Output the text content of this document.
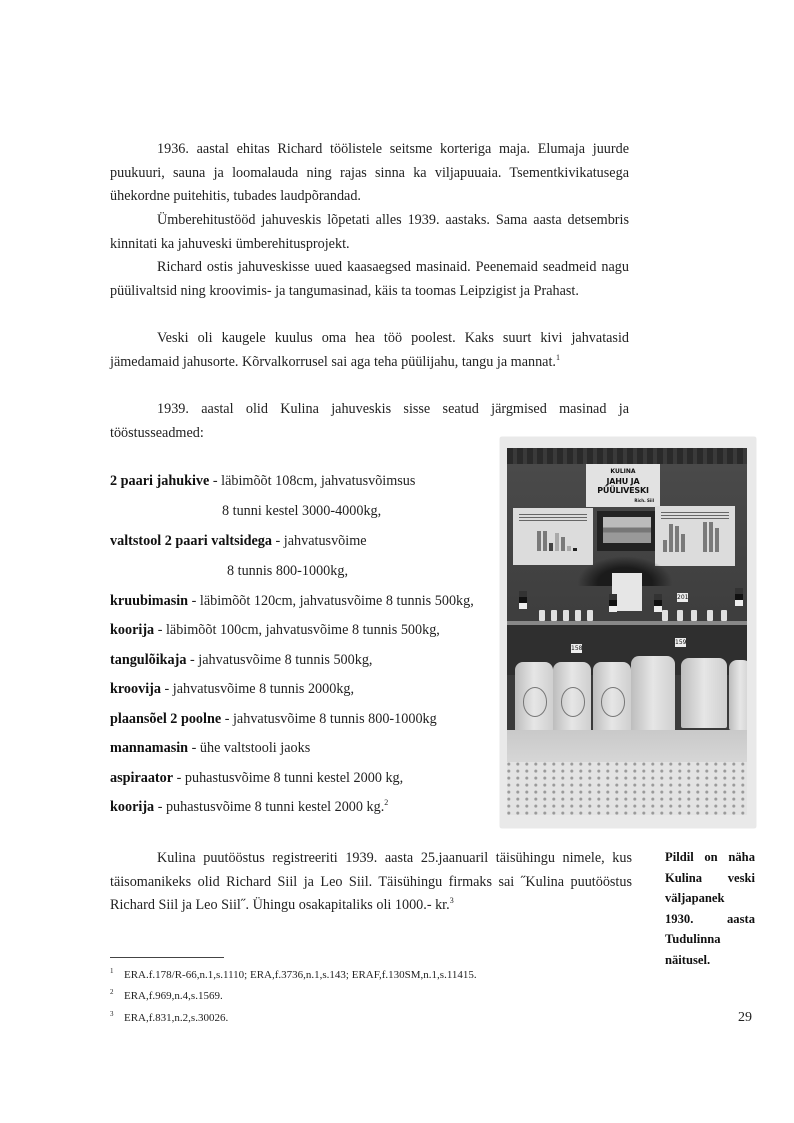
1936. aastal ehitas Richard töölistele seitsme korteriga maja. Elumaja juurde puukuuri, sauna ja loomalauda ning rajas sinna ka viljapuuaia. Tsementkivikatusega ühekordne puitehitis, tubades laudpõrandad.
Ümberehitustööd jahuveskis lõpetati alles 1939. aastaks. Sama aasta detsembris kinnitati ka jahuveski ümberehitusprojekt.
Richard ostis jahuveskisse uued kaasaegsed masinaid. Peenemaid seadmeid nagu püülivaltsid ning kroovimis- ja tangumasinad, käis ta toomas Leipzigist ja Prahast.
Veski oli kaugele kuulus oma hea töö poolest. Kaks suurt kivi jahvatasid jämedamaid jahusorte. Kõrvalkorrusel sai aga teha püülijahu, tangu ja mannat.$^1$
1939. aastal olid Kulina jahuveskis sisse seatud järgmised masinad ja tööstusseadmed:
2 paari jahukive - läbimõõt 108cm, jahvatusvõimsus
8 tunni kestel 3000-4000kg,
valtstool 2 paari valtsidega - jahvatusvõime
8 tunnis 800-1000kg,
kruubimasin - läbimõõt 120cm, jahvatusvõime 8 tunnis 500kg,
koorija - läbimõõt 100cm, jahvatusvõime 8 tunnis 500kg,
tangulõikaja - jahvatusvõime 8 tunnis 500kg,
kroovija - jahvatusvõime 8 tunnis 2000kg,
plaansõel 2 poolne - jahvatusvõime 8 tunnis 800-1000kg
mannamasin - ühe valtstooli jaoks
aspiraator - puhastusvõime 8 tunni kestel 2000 kg,
koorija - puhastusvõime 8 tunni kestel 2000 kg.$^2$
KULINA
JAHU JA PÜÜLIVESKI
Rich. Siil
158
159
201
Kulina puutööstus registreeriti 1939. aasta 25.jaanuaril täisühingu nimele, kus täisomanikeks olid Richard Siil ja Leo Siil. Täisühingu firmaks sai ˝Kulina puutööstus Richard Siil ja Leo Siil˝. Ühingu osakapitaliks oli 1000.- kr.$^3$
Pildil on näha Kulina veski väljapanek 1930. aasta Tudulinna näitusel.
1 ERA.f.178/R-66,n.1,s.1110; ERA,f.3736,n.1,s.143; ERAF,f.130SM,n.1,s.11415.
2 ERA,f.969,n.4,s.1569.
3 ERA,f.831,n.2,s.30026.	29
